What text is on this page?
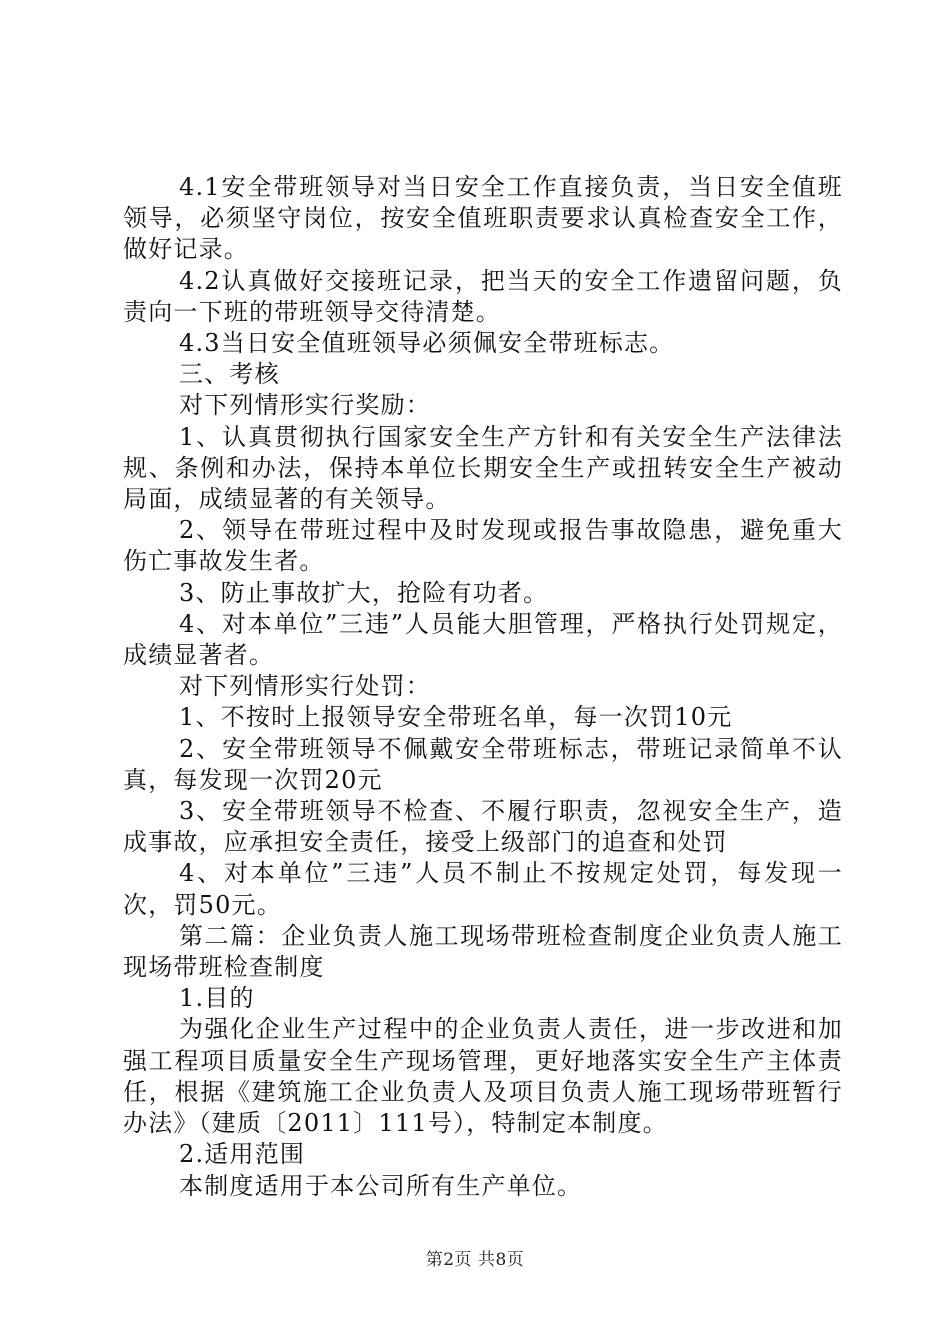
4.1安全带班领导对当日安全工作直接负责，当日安全值班领导，必须坚守岗位，按安全值班职责要求认真检查安全工作，做好记录。

4.2认真做好交接班记录，把当天的安全工作遗留问题，负责向一下班的带班领导交待清楚。

4.3当日安全值班领导必须佩安全带班标志。

三、考核

对下列情形实行奖励：

1、认真贯彻执行国家安全生产方针和有关安全生产法律法规、条例和办法，保持本单位长期安全生产或扭转安全生产被动局面，成绩显著的有关领导。

2、领导在带班过程中及时发现或报告事故隐患，避免重大伤亡事故发生者。

3、防止事故扩大，抢险有功者。

4、对本单位”三违”人员能大胆管理，严格执行处罚规定，成绩显著者。

对下列情形实行处罚：

1、不按时上报领导安全带班名单，每一次罚10元

2、安全带班领导不佩戴安全带班标志，带班记录简单不认真，每发现一次罚20元

3、安全带班领导不检查、不履行职责，忽视安全生产，造成事故，应承担安全责任，接受上级部门的追查和处罚

4、对本单位”三违”人员不制止不按规定处罚，每发现一次，罚50元。

第二篇：企业负责人施工现场带班检查制度企业负责人施工现场带班检查制度

1.目的

为强化企业生产过程中的企业负责人责任，进一步改进和加强工程项目质量安全生产现场管理，更好地落实安全生产主体责任，根据《建筑施工企业负责人及项目负责人施工现场带班暂行办法》（建质〔2011〕111号），特制定本制度。

2.适用范围

本制度适用于本公司所有生产单位。

第2页 共8页
